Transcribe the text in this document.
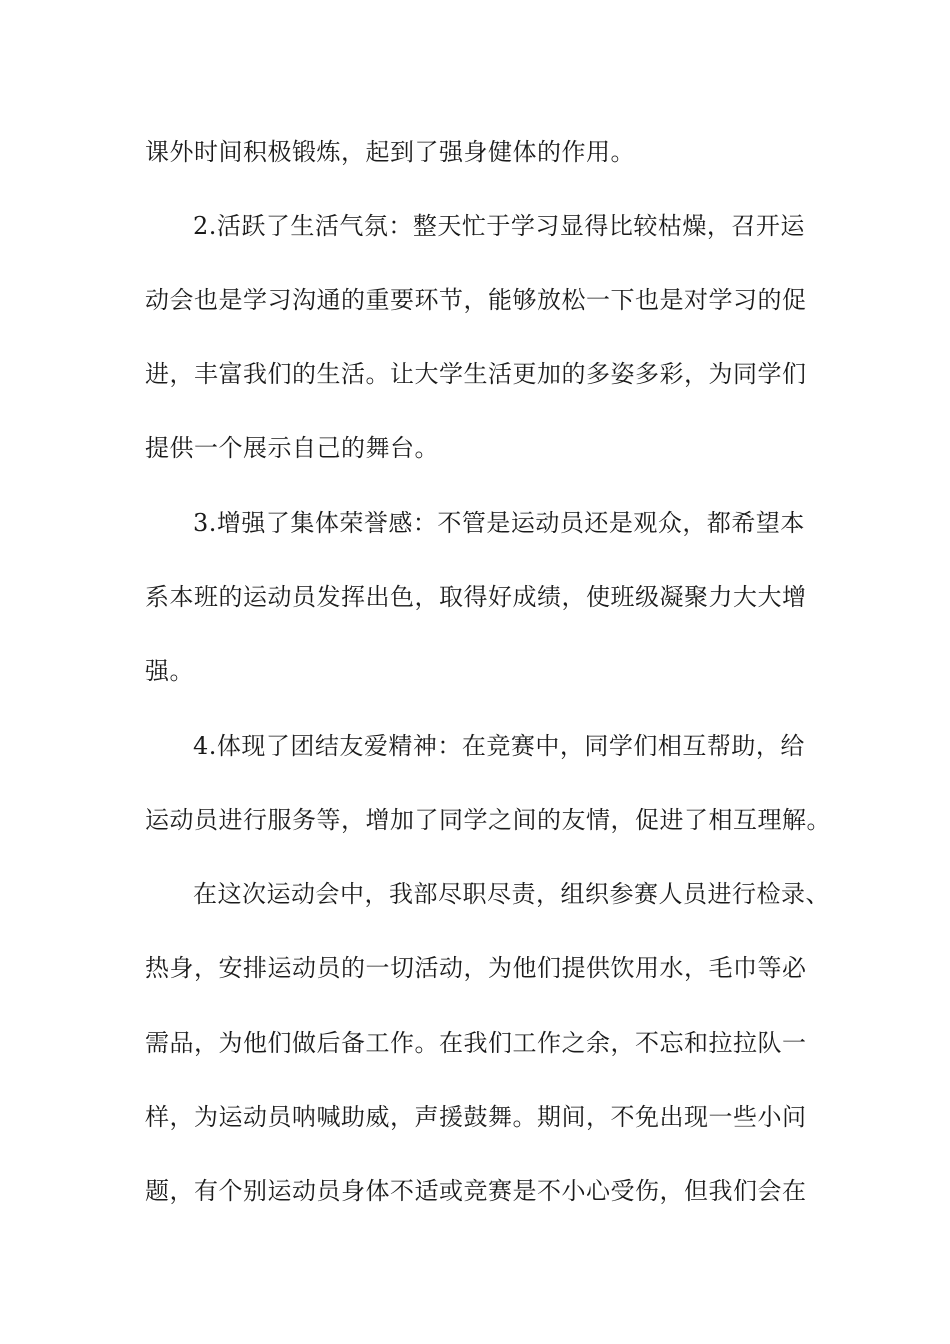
课外时间积极锻炼，起到了强身健体的作用。
2.活跃了生活气氛：整天忙于学习显得比较枯燥，召开运
动会也是学习沟通的重要环节，能够放松一下也是对学习的促
进，丰富我们的生活。让大学生活更加的多姿多彩，为同学们
提供一个展示自己的舞台。
3.增强了集体荣誉感：不管是运动员还是观众，都希望本
系本班的运动员发挥出色，取得好成绩，使班级凝聚力大大增
强。
4.体现了团结友爱精神：在竞赛中，同学们相互帮助，给
运动员进行服务等，增加了同学之间的友情，促进了相互理解。
在这次运动会中，我部尽职尽责，组织参赛人员进行检录、
热身，安排运动员的一切活动，为他们提供饮用水，毛巾等必
需品，为他们做后备工作。在我们工作之余，不忘和拉拉队一
样，为运动员呐喊助威，声援鼓舞。期间，不免出现一些小问
题，有个别运动员身体不适或竞赛是不小心受伤，但我们会在
